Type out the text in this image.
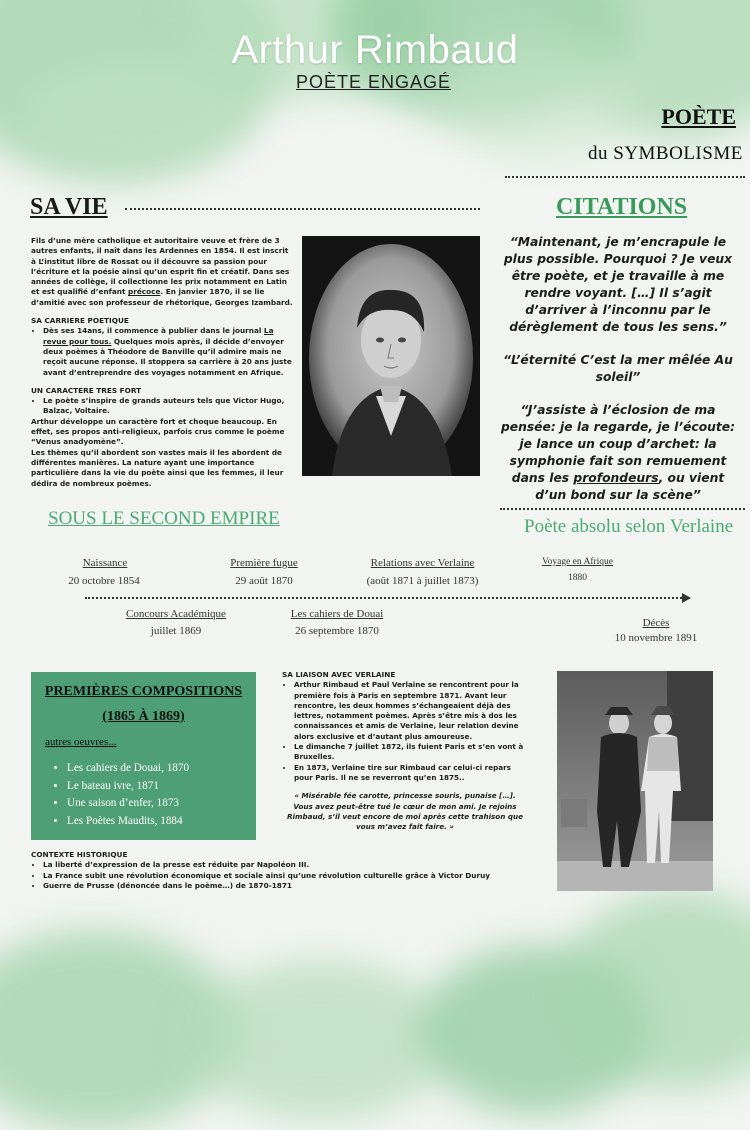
Arthur Rimbaud
POÈTE ENGAGÉ
POÈTE
du SYMBOLISME
SA VIE

Fils d’une mère catholique et autoritaire veuve et frère de 3 autres enfants, il naît dans les Ardennes en 1854. Il est inscrit à L’institut libre de Rossat ou il découvre sa passion pour l’écriture et la poésie ainsi qu’un esprit fin et créatif. Dans ses années de collège, il collectionne les prix notamment en Latin et est qualifié d’enfant précoce. En janvier 1870, il se lie d’amitié avec son professeur de rhétorique, Georges Izambard.

SA CARRIERE POETIQUE
• Dès ses 14ans, il commence à publier dans le journal La revue pour tous. Quelques mois après, il décide d’envoyer deux poèmes à Théodore de Banville qu’il admire mais ne reçoit aucune réponse. Il stoppera sa carrière à 20 ans juste avant d’entreprendre des voyages notamment en Afrique.
UN CARACTERE TRES FORT
• Le poète s’inspire de grands auteurs tels que Victor Hugo, Balzac, Voltaire.
Arthur développe un caractère fort et choque beaucoup. En effet, ses propos anti-religieux, parfois crus comme le poème “Venus anadyomène”.
Les thèmes qu’il abordent son vastes mais il les abordent de différentes manières. La nature ayant une importance particulière dans la vie du poète ainsi que les femmes, il leur dédira de nombreux poèmes.
CITATIONS

“Maintenant, je m’encrapule le plus possible. Pourquoi ? Je veux être poète, et je travaille à me rendre voyant. […] Il s’agit d’arriver à l’inconnu par le dérèglement de tous les sens.”

“L’éternité C’est la mer mêlée Au soleil”

“J’assiste à l’éclosion de ma pensée: je la regarde, je l’écoute: je lance un coup d’archet: la symphonie fait son remuement dans les profondeurs, ou vient d’un bond sur la scène”

SOUS LE SECOND EMPIRE	Poète absolu selon Verlaine
Naissance
20 octobre 1854
Première fugue
29 août 1870
Relations avec Verlaine
(août 1871 à juillet 1873)
Voyage en Afrique
1880
Concours Académique
juillet 1869
Les cahiers de Douai
26 septembre 1870
Décès
10 novembre 1891
PREMIÈRES COMPOSITIONS
(1865 À 1869)
autres oeuvres...
• Les cahiers de Douai, 1870
• Le bateau ivre, 1871
• Une saison d’enfer, 1873
• Les Poètes Maudits, 1884
SA LIAISON AVEC VERLAINE
• Arthur Rimbaud et Paul Verlaine se rencontrent pour la première fois à Paris en septembre 1871. Avant leur rencontre, les deux hommes s’échangeaient déjà des lettres, notamment poèmes. Après s’être mis à dos les connaissances et amis de Verlaine, leur relation devine alors exclusive et d’autant plus amoureuse.
• Le dimanche 7 juillet 1872, ils fuient Paris et s’en vont à Bruxelles.
• En 1873, Verlaine tire sur Rimbaud car celui-ci repars pour Paris. Il ne se reverront qu’en 1875..
« Misérable fée carotte, princesse souris, punaise […]. Vous avez peut-être tué le cœur de mon ami. Je rejoins Rimbaud, s’il veut encore de moi après cette trahison que vous m’avez fait faire. »
CONTEXTE HISTORIQUE
• La liberté d’expression de la presse est réduite par Napoléon III.
• La France subit une révolution économique et sociale ainsi qu’une révolution culturelle grâce à Victor Duruy
• Guerre de Prusse (dénoncée dans le poème…) de 1870-1871
